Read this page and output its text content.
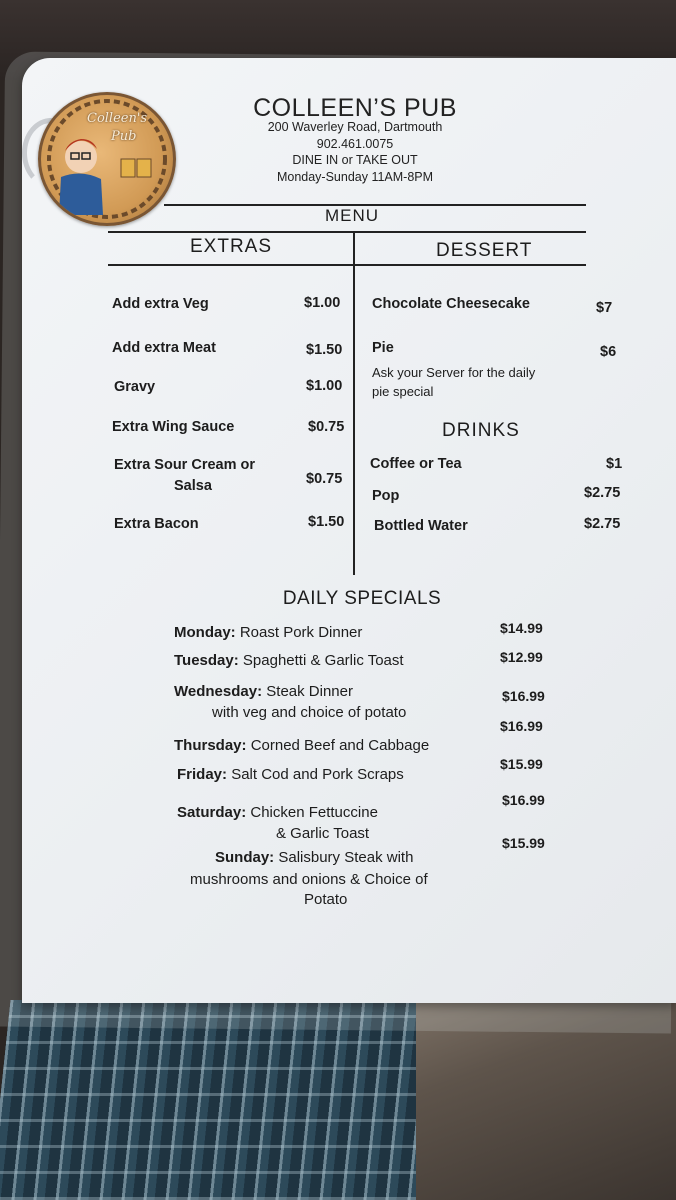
Colleen's
Pub
COLLEEN’S PUB
200 Waverley Road, Dartmouth
902.461.0075
DINE IN or TAKE OUT
Monday-Sunday 11AM-8PM
MENU
EXTRAS	DESSERT
Add extra Veg	$1.00
Add extra Meat	$1.50
Gravy	$1.00
Extra Wing Sauce	$0.75
Extra Sour Cream or
Salsa	$0.75
Extra Bacon	$1.50
Chocolate Cheesecake	$7
Pie	$6
Ask your Server for the daily
pie special
DRINKS
Coffee or Tea	$1
Pop	$2.75
Bottled Water	$2.75
DAILY SPECIALS
Monday: Roast Pork Dinner	$14.99
Tuesday: Spaghetti & Garlic Toast	$12.99
Wednesday: Steak Dinner
with veg and choice of potato
$16.99
Thursday: Corned Beef and Cabbage
$16.99
Friday: Salt Cod and Pork Scraps
$15.99
Saturday: Chicken Fettuccine
& Garlic Toast
$16.99
Sunday: Salisbury Steak with
mushrooms and onions & Choice of
Potato
$15.99
